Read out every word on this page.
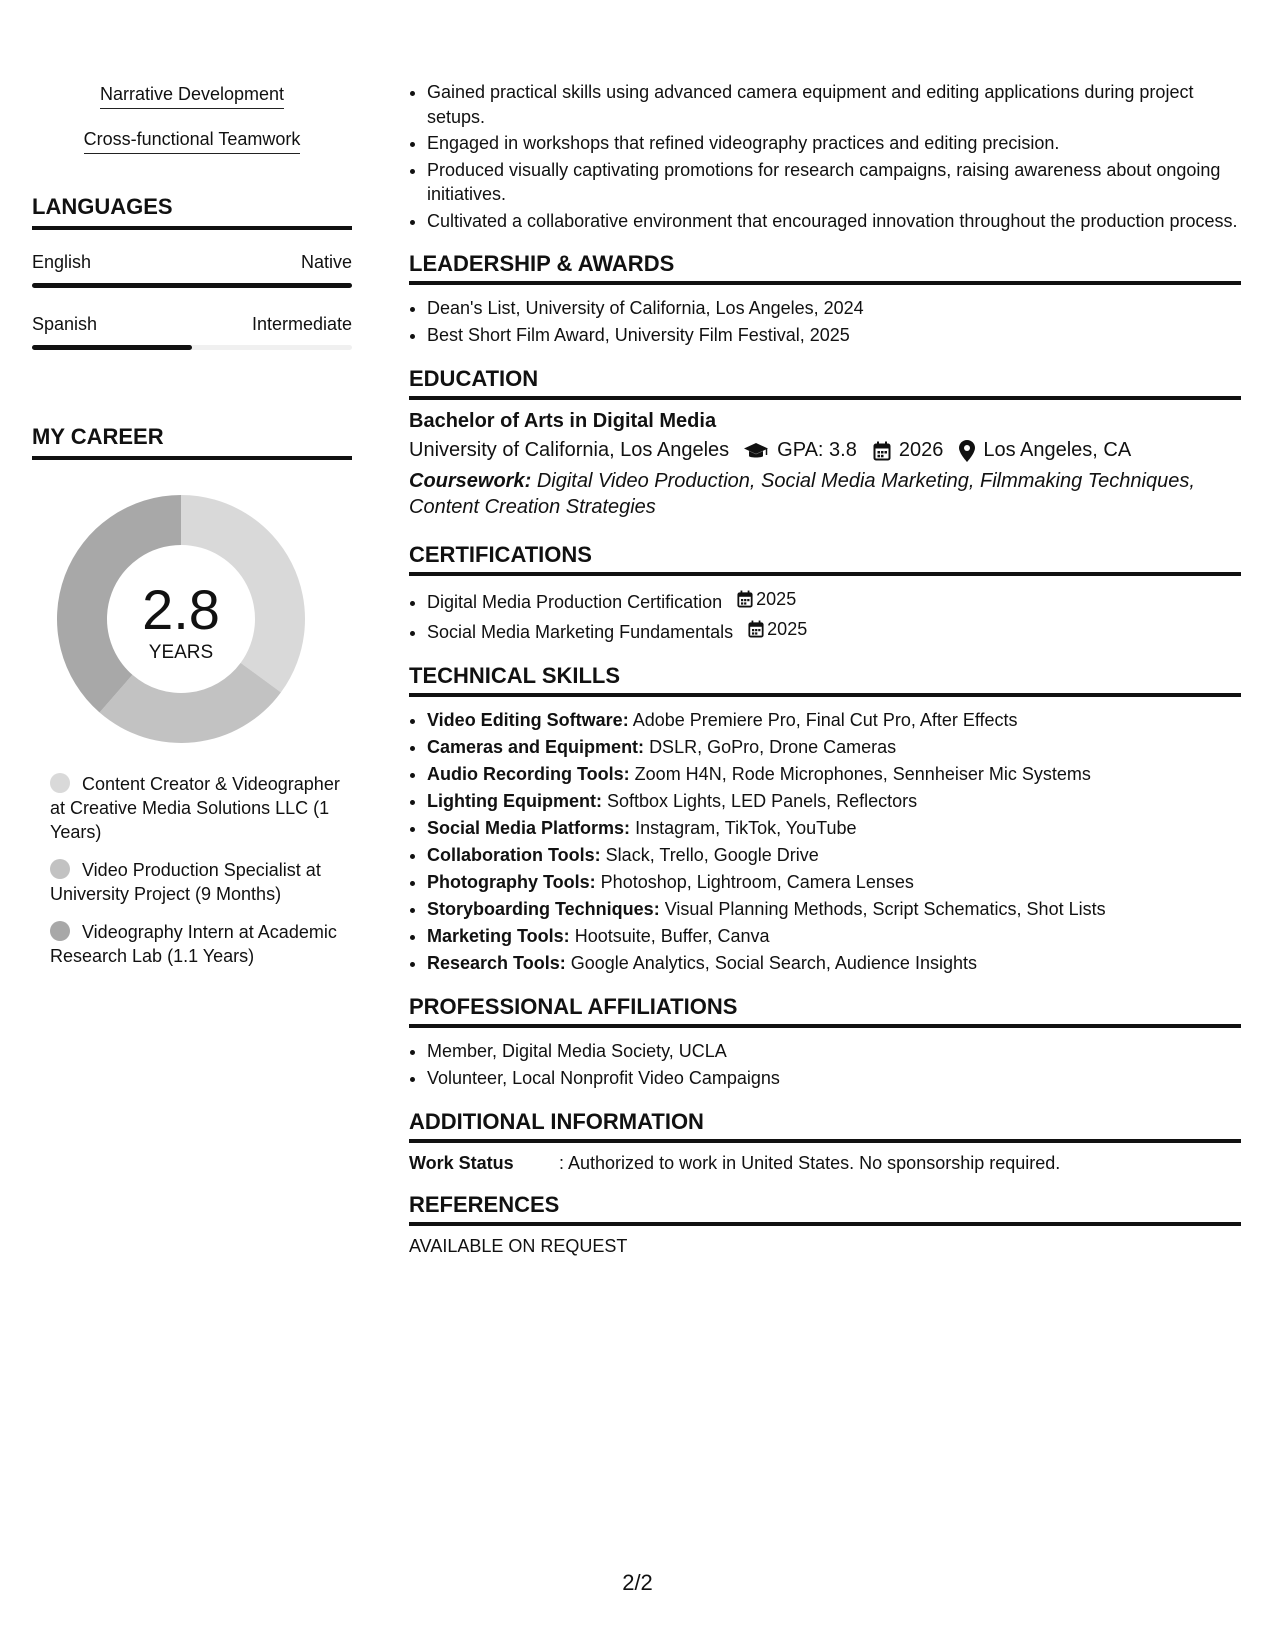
Narrative Development
Cross-functional Teamwork
LANGUAGES
English	Native
Spanish	Intermediate
MY CAREER
2.8
YEARS
Content Creator & Videographer at Creative Media Solutions LLC (1 Years)
Video Production Specialist at University Project (9 Months)
Videography Intern at Academic Research Lab (1.1 Years)
• Gained practical skills using advanced camera equipment and editing applications during project setups.
• Engaged in workshops that refined videography practices and editing precision.
• Produced visually captivating promotions for research campaigns, raising awareness about ongoing initiatives.
• Cultivated a collaborative environment that encouraged innovation throughout the production process.
LEADERSHIP & AWARDS
• Dean's List, University of California, Los Angeles, 2024
• Best Short Film Award, University Film Festival, 2025
EDUCATION
Bachelor of Arts in Digital Media
University of California, Los Angeles GPA: 3.8 2026 Los Angeles, CA
Coursework: Digital Video Production, Social Media Marketing, Filmmaking Techniques, Content Creation Strategies
CERTIFICATIONS
• Digital Media Production Certification 2025
• Social Media Marketing Fundamentals 2025
TECHNICAL SKILLS
• Video Editing Software: Adobe Premiere Pro, Final Cut Pro, After Effects
• Cameras and Equipment: DSLR, GoPro, Drone Cameras
• Audio Recording Tools: Zoom H4N, Rode Microphones, Sennheiser Mic Systems
• Lighting Equipment: Softbox Lights, LED Panels, Reflectors
• Social Media Platforms: Instagram, TikTok, YouTube
• Collaboration Tools: Slack, Trello, Google Drive
• Photography Tools: Photoshop, Lightroom, Camera Lenses
• Storyboarding Techniques: Visual Planning Methods, Script Schematics, Shot Lists
• Marketing Tools: Hootsuite, Buffer, Canva
• Research Tools: Google Analytics, Social Search, Audience Insights
PROFESSIONAL AFFILIATIONS
• Member, Digital Media Society, UCLA
• Volunteer, Local Nonprofit Video Campaigns
ADDITIONAL INFORMATION
Work Status	: Authorized to work in United States. No sponsorship required.
REFERENCES
AVAILABLE ON REQUEST
2/2
